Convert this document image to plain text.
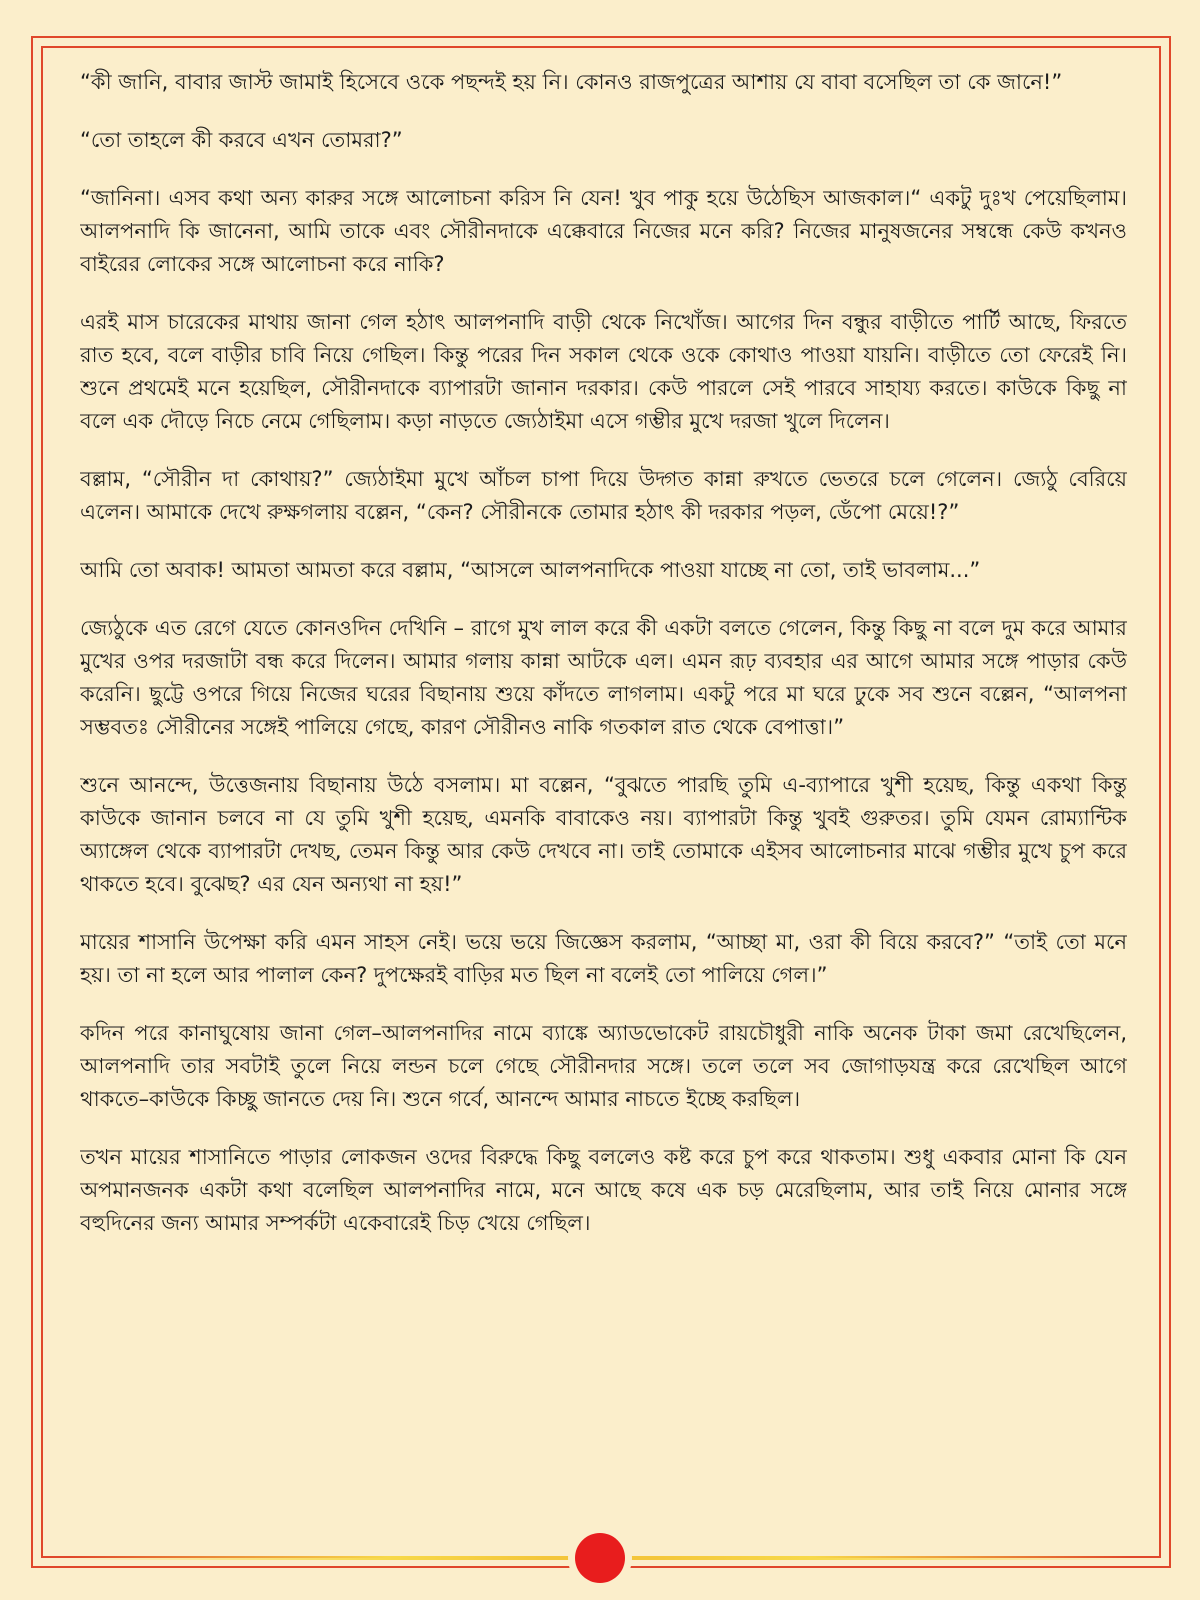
“কী জানি, বাবার জাস্ট জামাই হিসেবে ওকে পছন্দই হয় নি। কোনও রাজপুত্রের আশায় যে বাবা বসেছিল তা কে জানে!”

“তো তাহলে কী করবে এখন তোমরা?”

“জানিনা। এসব কথা অন্য কারুর সঙ্গে আলোচনা করিস নি যেন! খুব পাকু হয়ে উঠেছিস আজকাল।“ একটু দুঃখ পেয়েছিলাম। আলপনাদি কি জানেনা, আমি তাকে এবং সৌরীনদাকে এক্কেবারে নিজের মনে করি? নিজের মানুষজনের সম্বন্ধে কেউ কখনও বাইরের লোকের সঙ্গে আলোচনা করে নাকি?

এরই মাস চারেকের মাথায় জানা গেল হঠাৎ আলপনাদি বাড়ী থেকে নিখোঁজ। আগের দিন বন্ধুর বাড়ীতে পার্টি আছে, ফিরতে রাত হবে, বলে বাড়ীর চাবি নিয়ে গেছিল। কিন্তু পরের দিন সকাল থেকে ওকে কোথাও পাওয়া যায়নি। বাড়ীতে তো ফেরেই নি। শুনে প্রথমেই মনে হয়েছিল, সৌরীনদাকে ব্যাপারটা জানান দরকার। কেউ পারলে সেই পারবে সাহায্য করতে। কাউকে কিছু না বলে এক দৌড়ে নিচে নেমে গেছিলাম। কড়া নাড়তে জ্যেঠাইমা এসে গম্ভীর মুখে দরজা খুলে দিলেন।

বল্লাম, “সৌরীন দা কোথায়?” জ্যেঠাইমা মুখে আঁচল চাপা দিয়ে উদ্গত কান্না রুখতে ভেতরে চলে গেলেন। জ্যেঠু বেরিয়ে এলেন। আমাকে দেখে রুক্ষগলায় বল্লেন, “কেন? সৌরীনকে তোমার হঠাৎ কী দরকার পড়ল, ডেঁপো মেয়ে!?”

আমি তো অবাক! আমতা আমতা করে বল্লাম, “আসলে আলপনাদিকে পাওয়া যাচ্ছে না তো, তাই ভাবলাম...”

জ্যেঠুকে এত রেগে যেতে কোনওদিন দেখিনি – রাগে মুখ লাল করে কী একটা বলতে গেলেন, কিন্তু কিছু না বলে দুম করে আমার মুখের ওপর দরজাটা বন্ধ করে দিলেন। আমার গলায় কান্না আটকে এল। এমন রূঢ় ব্যবহার এর আগে আমার সঙ্গে পাড়ার কেউ করেনি। ছুট্টে ওপরে গিয়ে নিজের ঘরের বিছানায় শুয়ে কাঁদতে লাগলাম। একটু পরে মা ঘরে ঢুকে সব শুনে বল্লেন, “আলপনা সম্ভবতঃ সৌরীনের সঙ্গেই পালিয়ে গেছে, কারণ সৌরীনও নাকি গতকাল রাত থেকে বেপাত্তা।”

শুনে আনন্দে, উত্তেজনায় বিছানায় উঠে বসলাম। মা বল্লেন, “বুঝতে পারছি তুমি এ-ব্যাপারে খুশী হয়েছ, কিন্তু একথা কিন্তু কাউকে জানান চলবে না যে তুমি খুশী হয়েছ, এমনকি বাবাকেও নয়। ব্যাপারটা কিন্তু খুবই গুরুতর। তুমি যেমন রোম্যান্টিক অ্যাঙ্গেল থেকে ব্যাপারটা দেখছ, তেমন কিন্তু আর কেউ দেখবে না। তাই তোমাকে এইসব আলোচনার মাঝে গম্ভীর মুখে চুপ করে থাকতে হবে। বুঝেছ? এর যেন অন্যথা না হয়!”

মায়ের শাসানি উপেক্ষা করি এমন সাহস নেই। ভয়ে ভয়ে জিজ্ঞেস করলাম, “আচ্ছা মা, ওরা কী বিয়ে করবে?” “তাই তো মনে হয়। তা না হলে আর পালাল কেন? দুপক্ষেরই বাড়ির মত ছিল না বলেই তো পালিয়ে গেল।”

কদিন পরে কানাঘুষোয় জানা গেল–আলপনাদির নামে ব্যাঙ্কে অ্যাডভোকেট রায়চৌধুরী নাকি অনেক টাকা জমা রেখেছিলেন, আলপনাদি তার সবটাই তুলে নিয়ে লন্ডন চলে গেছে সৌরীনদার সঙ্গে। তলে তলে সব জোগাড়যন্ত্র করে রেখেছিল আগে থাকতে–কাউকে কিচ্ছু জানতে দেয় নি। শুনে গর্বে, আনন্দে আমার নাচতে ইচ্ছে করছিল।

তখন মায়ের শাসানিতে পাড়ার লোকজন ওদের বিরুদ্ধে কিছু বললেও কষ্ট করে চুপ করে থাকতাম। শুধু একবার মোনা কি যেন অপমানজনক একটা কথা বলেছিল আলপনাদির নামে, মনে আছে কষে এক চড় মেরেছিলাম, আর তাই নিয়ে মোনার সঙ্গে বহুদিনের জন্য আমার সম্পর্কটা একেবারেই চিড় খেয়ে গেছিল।
